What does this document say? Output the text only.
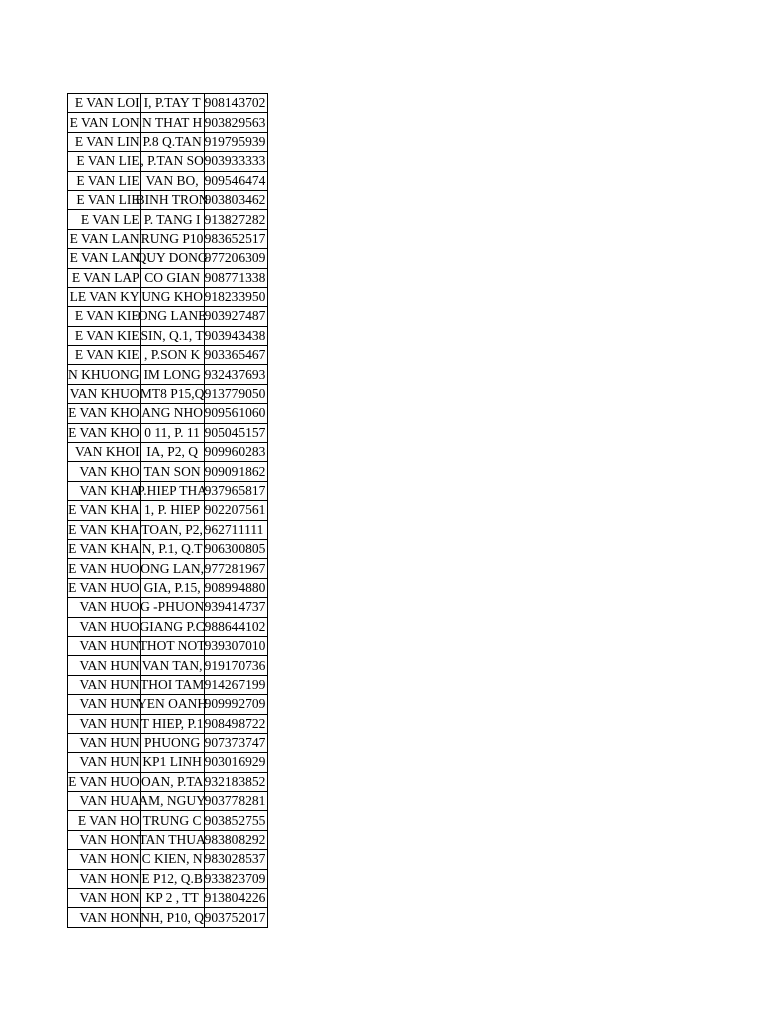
E VAN LOI	I, P.TAY T	908143702

E VAN LON	N THAT H	903829563

E VAN LIN	P.8 Q.TAN	919795939

E VAN LIE	, P.TAN SO	903933333

E VAN LIE	VAN BO,	909546474

E VAN LIE	BINH TRON	903803462

E VAN LE	P. TANG I	913827282

E VAN LAN	RUNG P10	983652517

E VAN LAN	QUY DONG	977206309

E VAN LAP	CO GIAN	908771338

LE VAN KY	UNG KHO	918233950

E VAN KIE	ONG LANE	903927487

E VAN KIE	SIN, Q.1, T	903943438

E VAN KIE	, P.SON K	903365467

N KHUONG	IM LONG	932437693

VAN KHUO	MT8 P15,Q	913779050

E VAN KHO	ANG NHO	909561060

E VAN KHO	0 11, P. 11	905045157

VAN KHOI	IA, P2, Q	909960283

VAN KHO	TAN SON	909091862

VAN KHA	P.HIEP THA	937965817

E VAN KHA	1, P. HIEP	902207561

E VAN KHA	TOAN, P2,	962711111

E VAN KHA	N, P.1, Q.T	906300805

E VAN HUO	ONG LAN,	977281967

E VAN HUO	GIA, P.15,	908994880

VAN HUO	G -PHUON	939414737

VAN HUO	GIANG P.C	988644102

VAN HUN	THOT NOT	939307010

VAN HUN	VAN TAN,	919170736

VAN HUN	THOI TAM	914267199

VAN HUN	YEN OANH	909992709

VAN HUN	T HIEP, P.1	908498722

VAN HUN	PHUONG	907373747

VAN HUN	KP1 LINH	903016929

E VAN HUO	OAN, P.TA	932183852

VAN HUA	AM, NGUY	903778281

E VAN HO	TRUNG C	903852755

VAN HON	TAN THUA	983808292

VAN HON	C KIEN, N	983028537

VAN HON	E P12, Q.B	933823709

VAN HON	KP 2 , TT	913804226

VAN HON	NH, P10, Q	903752017
